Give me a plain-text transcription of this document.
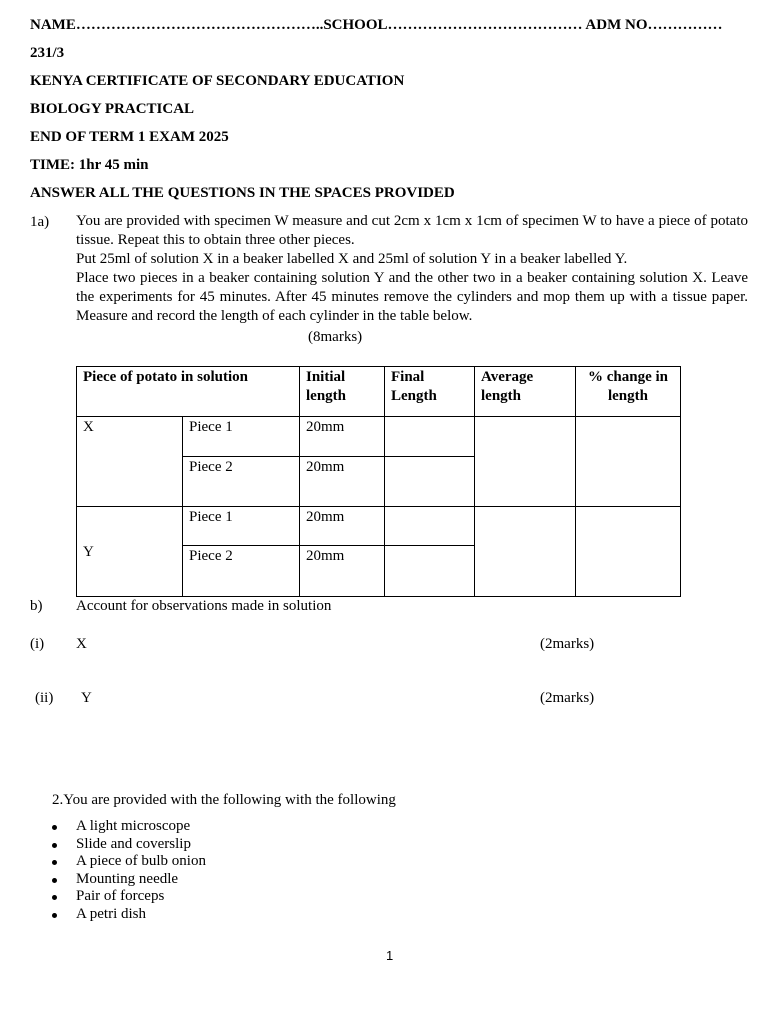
NAME…………………………………………..SCHOOL………………………………… ADM NO……………
231/3
KENYA CERTIFICATE OF SECONDARY EDUCATION
BIOLOGY PRACTICAL
END OF TERM 1 EXAM 2025
TIME: 1hr 45 min
ANSWER ALL THE QUESTIONS IN THE SPACES PROVIDED
1a) You are provided with specimen W measure and cut 2cm x 1cm x 1cm of specimen W to have a piece of potato tissue. Repeat this to obtain three other pieces.

Put 25ml of solution X in a beaker labelled X and 25ml of solution Y in a beaker labelled Y.

Place two pieces in a beaker containing solution Y and the other two in a beaker containing solution X. Leave the experiments for 45 minutes. After 45 minutes remove the cylinders and mop them up with a tissue paper. Measure and record the length of each cylinder in the table below.

(8marks)
Piece of potato in solution		Initial length	Final Length	Average length	% change in length
X	Piece 1	20mm			
	Piece 2	20mm			
Y	Piece 1	20mm			
	Piece 2	20mm			
b) Account for observations made in solution
(i) X	(2marks)
(ii) Y	(2marks)
2.You are provided with the following with the following
A light microscope
Slide and coverslip
A piece of bulb onion
Mounting needle
Pair of forceps
A petri dish
1
